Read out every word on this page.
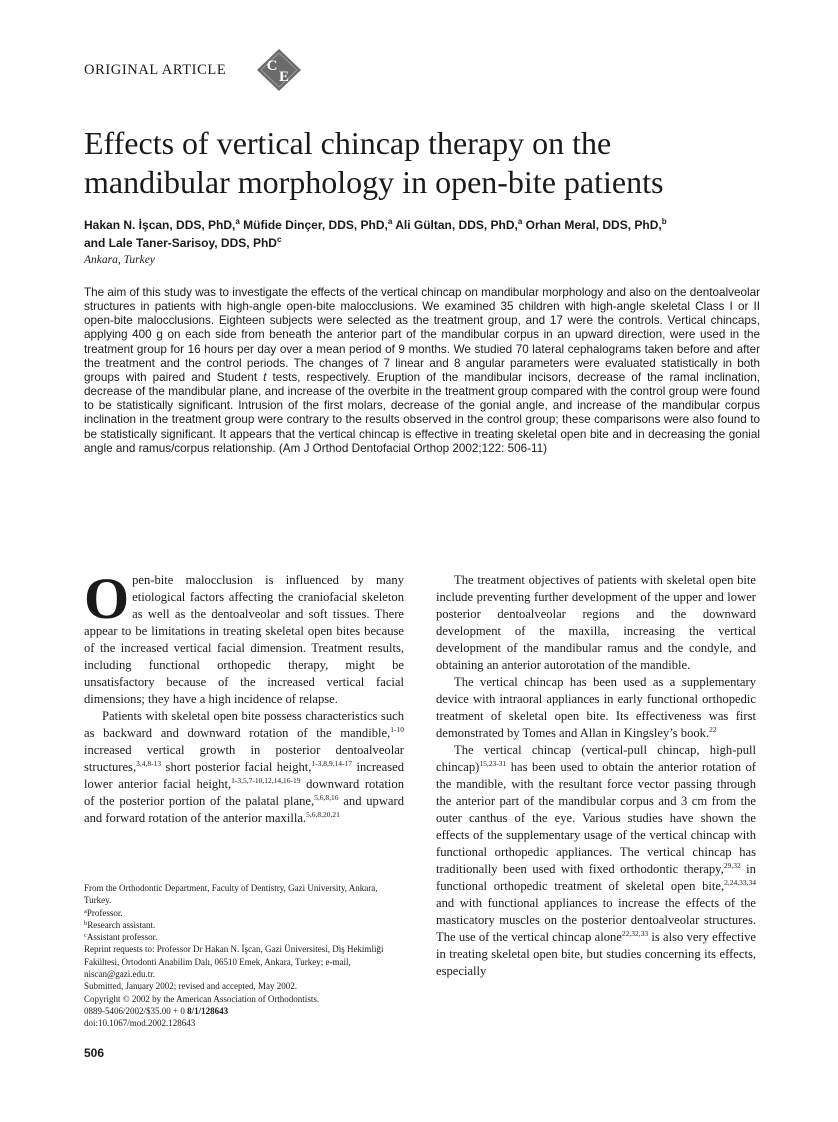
ORIGINAL ARTICLE	C
E
Effects of vertical chincap therapy on the mandibular morphology in open-bite patients
Hakan N. İşcan, DDS, PhD,$^a$ Müfide Dinçer, DDS, PhD,$^a$ Ali Gültan, DDS, PhD,$^a$ Orhan Meral, DDS, PhD,$^b$
and Lale Taner-Sarisoy, DDS, PhD$^c$
Ankara, Turkey
The aim of this study was to investigate the effects of the vertical chincap on mandibular morphology and also on the dentoalveolar structures in patients with high-angle open-bite malocclusions. We examined 35 children with high-angle skeletal Class I or II open-bite malocclusions. Eighteen subjects were selected as the treatment group, and 17 were the controls. Vertical chincaps, applying 400 g on each side from beneath the anterior part of the mandibular corpus in an upward direction, were used in the treatment group for 16 hours per day over a mean period of 9 months. We studied 70 lateral cephalograms taken before and after the treatment and the control periods. The changes of 7 linear and 8 angular parameters were evaluated statistically in both groups with paired and Student t tests, respectively. Eruption of the mandibular incisors, decrease of the ramal inclination, decrease of the mandibular plane, and increase of the overbite in the treatment group compared with the control group were found to be statistically significant. Intrusion of the first molars, decrease of the gonial angle, and increase of the mandibular corpus inclination in the treatment group were contrary to the results observed in the control group; these comparisons were also found to be statistically significant. It appears that the vertical chincap is effective in treating skeletal open bite and in decreasing the gonial angle and ramus/corpus relationship. (Am J Orthod Dentofacial Orthop 2002;122: 506-11)

Open-bite malocclusion is influenced by many etiological factors affecting the craniofacial skeleton as well as the dentoalveolar and soft tissues. There appear to be limitations in treating skeletal open bites because of the increased vertical facial dimension. Treatment results, including functional orthopedic therapy, might be unsatisfactory because of the increased vertical facial dimensions; they have a high incidence of relapse.

Patients with skeletal open bite possess characteristics such as backward and downward rotation of the mandible,$^{1-10}$ increased vertical growth in posterior dentoalveolar structures,$^{3,4,8-13}$ short posterior facial height,$^{1-3,8,9,14-17}$ increased lower anterior facial height,$^{1-3,5,7-10,12,14,16-19}$ downward rotation of the posterior portion of the palatal plane,$^{5,6,8,16}$ and upward and forward rotation of the anterior maxilla.$^{5,6,8,20,21}$

From the Orthodontic Department, Faculty of Dentistry, Gazi University, Ankara, Turkey.
$^a$Professor.
$^b$Research assistant.
$^c$Assistant professor.
Reprint requests to: Professor Dr Hakan N. İşcan, Gazi Üniversitesi, Diş Hekimliği Fakültesi, Ortodonti Anabilim Dalı, 06510 Emek, Ankara, Turkey; e-mail, niscan@gazi.edu.tr.
Submitted, January 2002; revised and accepted, May 2002.
Copyright © 2002 by the American Association of Orthodontists.
0889-5406/2002/$35.00 + 0 8/1/128643
doi:10.1067/mod.2002.128643

The treatment objectives of patients with skeletal open bite include preventing further development of the upper and lower posterior dentoalveolar regions and the downward development of the maxilla, increasing the vertical development of the mandibular ramus and the condyle, and obtaining an anterior autorotation of the mandible.

The vertical chincap has been used as a supplementary device with intraoral appliances in early functional orthopedic treatment of skeletal open bite. Its effectiveness was first demonstrated by Tomes and Allan in Kingsley’s book.$^{22}$

The vertical chincap (vertical-pull chincap, high-pull chincap)$^{15,23-31}$ has been used to obtain the anterior rotation of the mandible, with the resultant force vector passing through the anterior part of the mandibular corpus and 3 cm from the outer canthus of the eye. Various studies have shown the effects of the supplementary usage of the vertical chincap with functional orthopedic appliances. The vertical chincap has traditionally been used with fixed orthodontic therapy,$^{29,32}$ in functional orthopedic treatment of skeletal open bite,$^{2,24,33,34}$ and with functional appliances to increase the effects of the masticatory muscles on the posterior dentoalveolar structures. The use of the vertical chincap alone$^{22,32,33}$ is also very effective in treating skeletal open bite, but studies concerning its effects, especially

506
